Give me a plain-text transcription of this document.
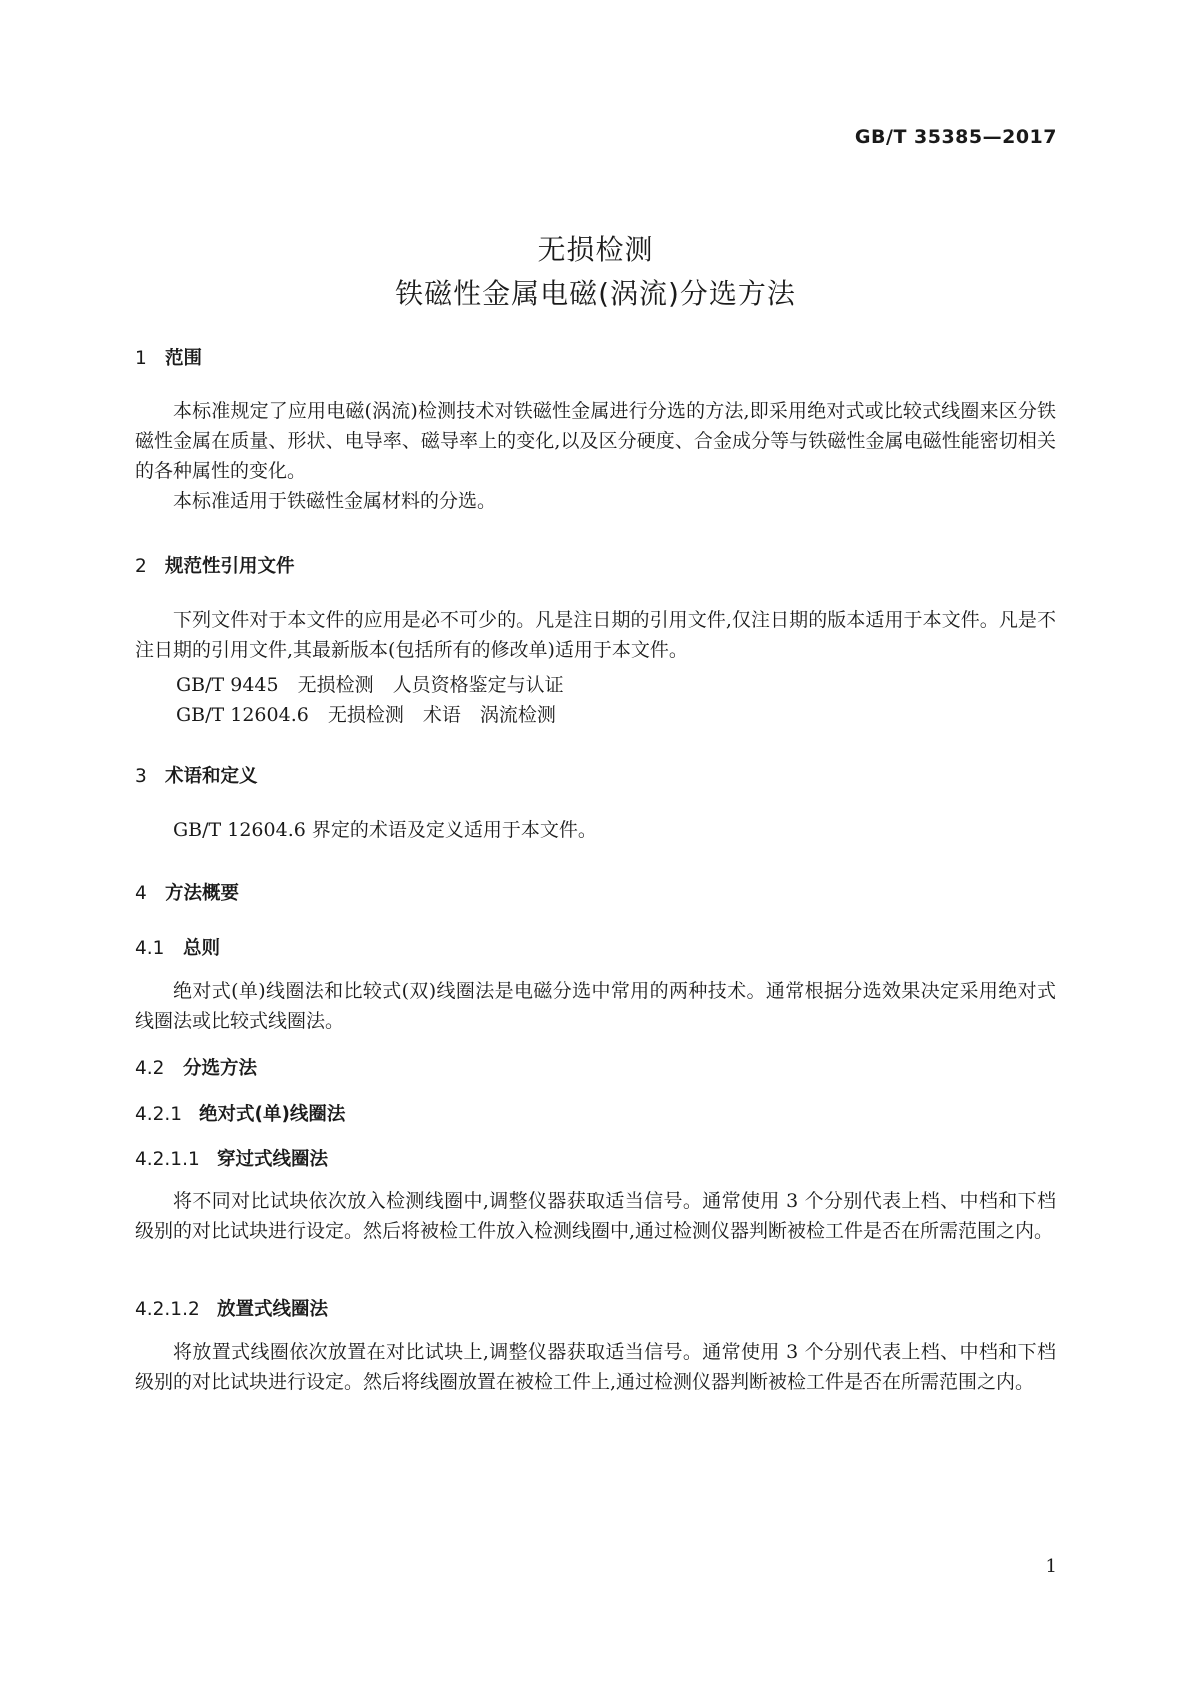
GB/T 35385—2017
无损检测
铁磁性金属电磁(涡流)分选方法
1 范围

本标准规定了应用电磁(涡流)检测技术对铁磁性金属进行分选的方法,即采用绝对式或比较式线圈来区分铁磁性金属在质量、形状、电导率、磁导率上的变化,以及区分硬度、合金成分等与铁磁性金属电磁性能密切相关的各种属性的变化。

本标准适用于铁磁性金属材料的分选。

2 规范性引用文件

下列文件对于本文件的应用是必不可少的。凡是注日期的引用文件,仅注日期的版本适用于本文件。凡是不注日期的引用文件,其最新版本(包括所有的修改单)适用于本文件。

GB/T 9445　无损检测　人员资格鉴定与认证
GB/T 12604.6　无损检测　术语　涡流检测
3 术语和定义

GB/T 12604.6 界定的术语及定义适用于本文件。

4 方法概要
4.1 总则

绝对式(单)线圈法和比较式(双)线圈法是电磁分选中常用的两种技术。通常根据分选效果决定采用绝对式线圈法或比较式线圈法。

4.2 分选方法
4.2.1 绝对式(单)线圈法
4.2.1.1 穿过式线圈法

将不同对比试块依次放入检测线圈中,调整仪器获取适当信号。通常使用 3 个分别代表上档、中档和下档级别的对比试块进行设定。然后将被检工件放入检测线圈中,通过检测仪器判断被检工件是否在所需范围之内。

4.2.1.2 放置式线圈法

将放置式线圈依次放置在对比试块上,调整仪器获取适当信号。通常使用 3 个分别代表上档、中档和下档级别的对比试块进行设定。然后将线圈放置在被检工件上,通过检测仪器判断被检工件是否在所需范围之内。

1
